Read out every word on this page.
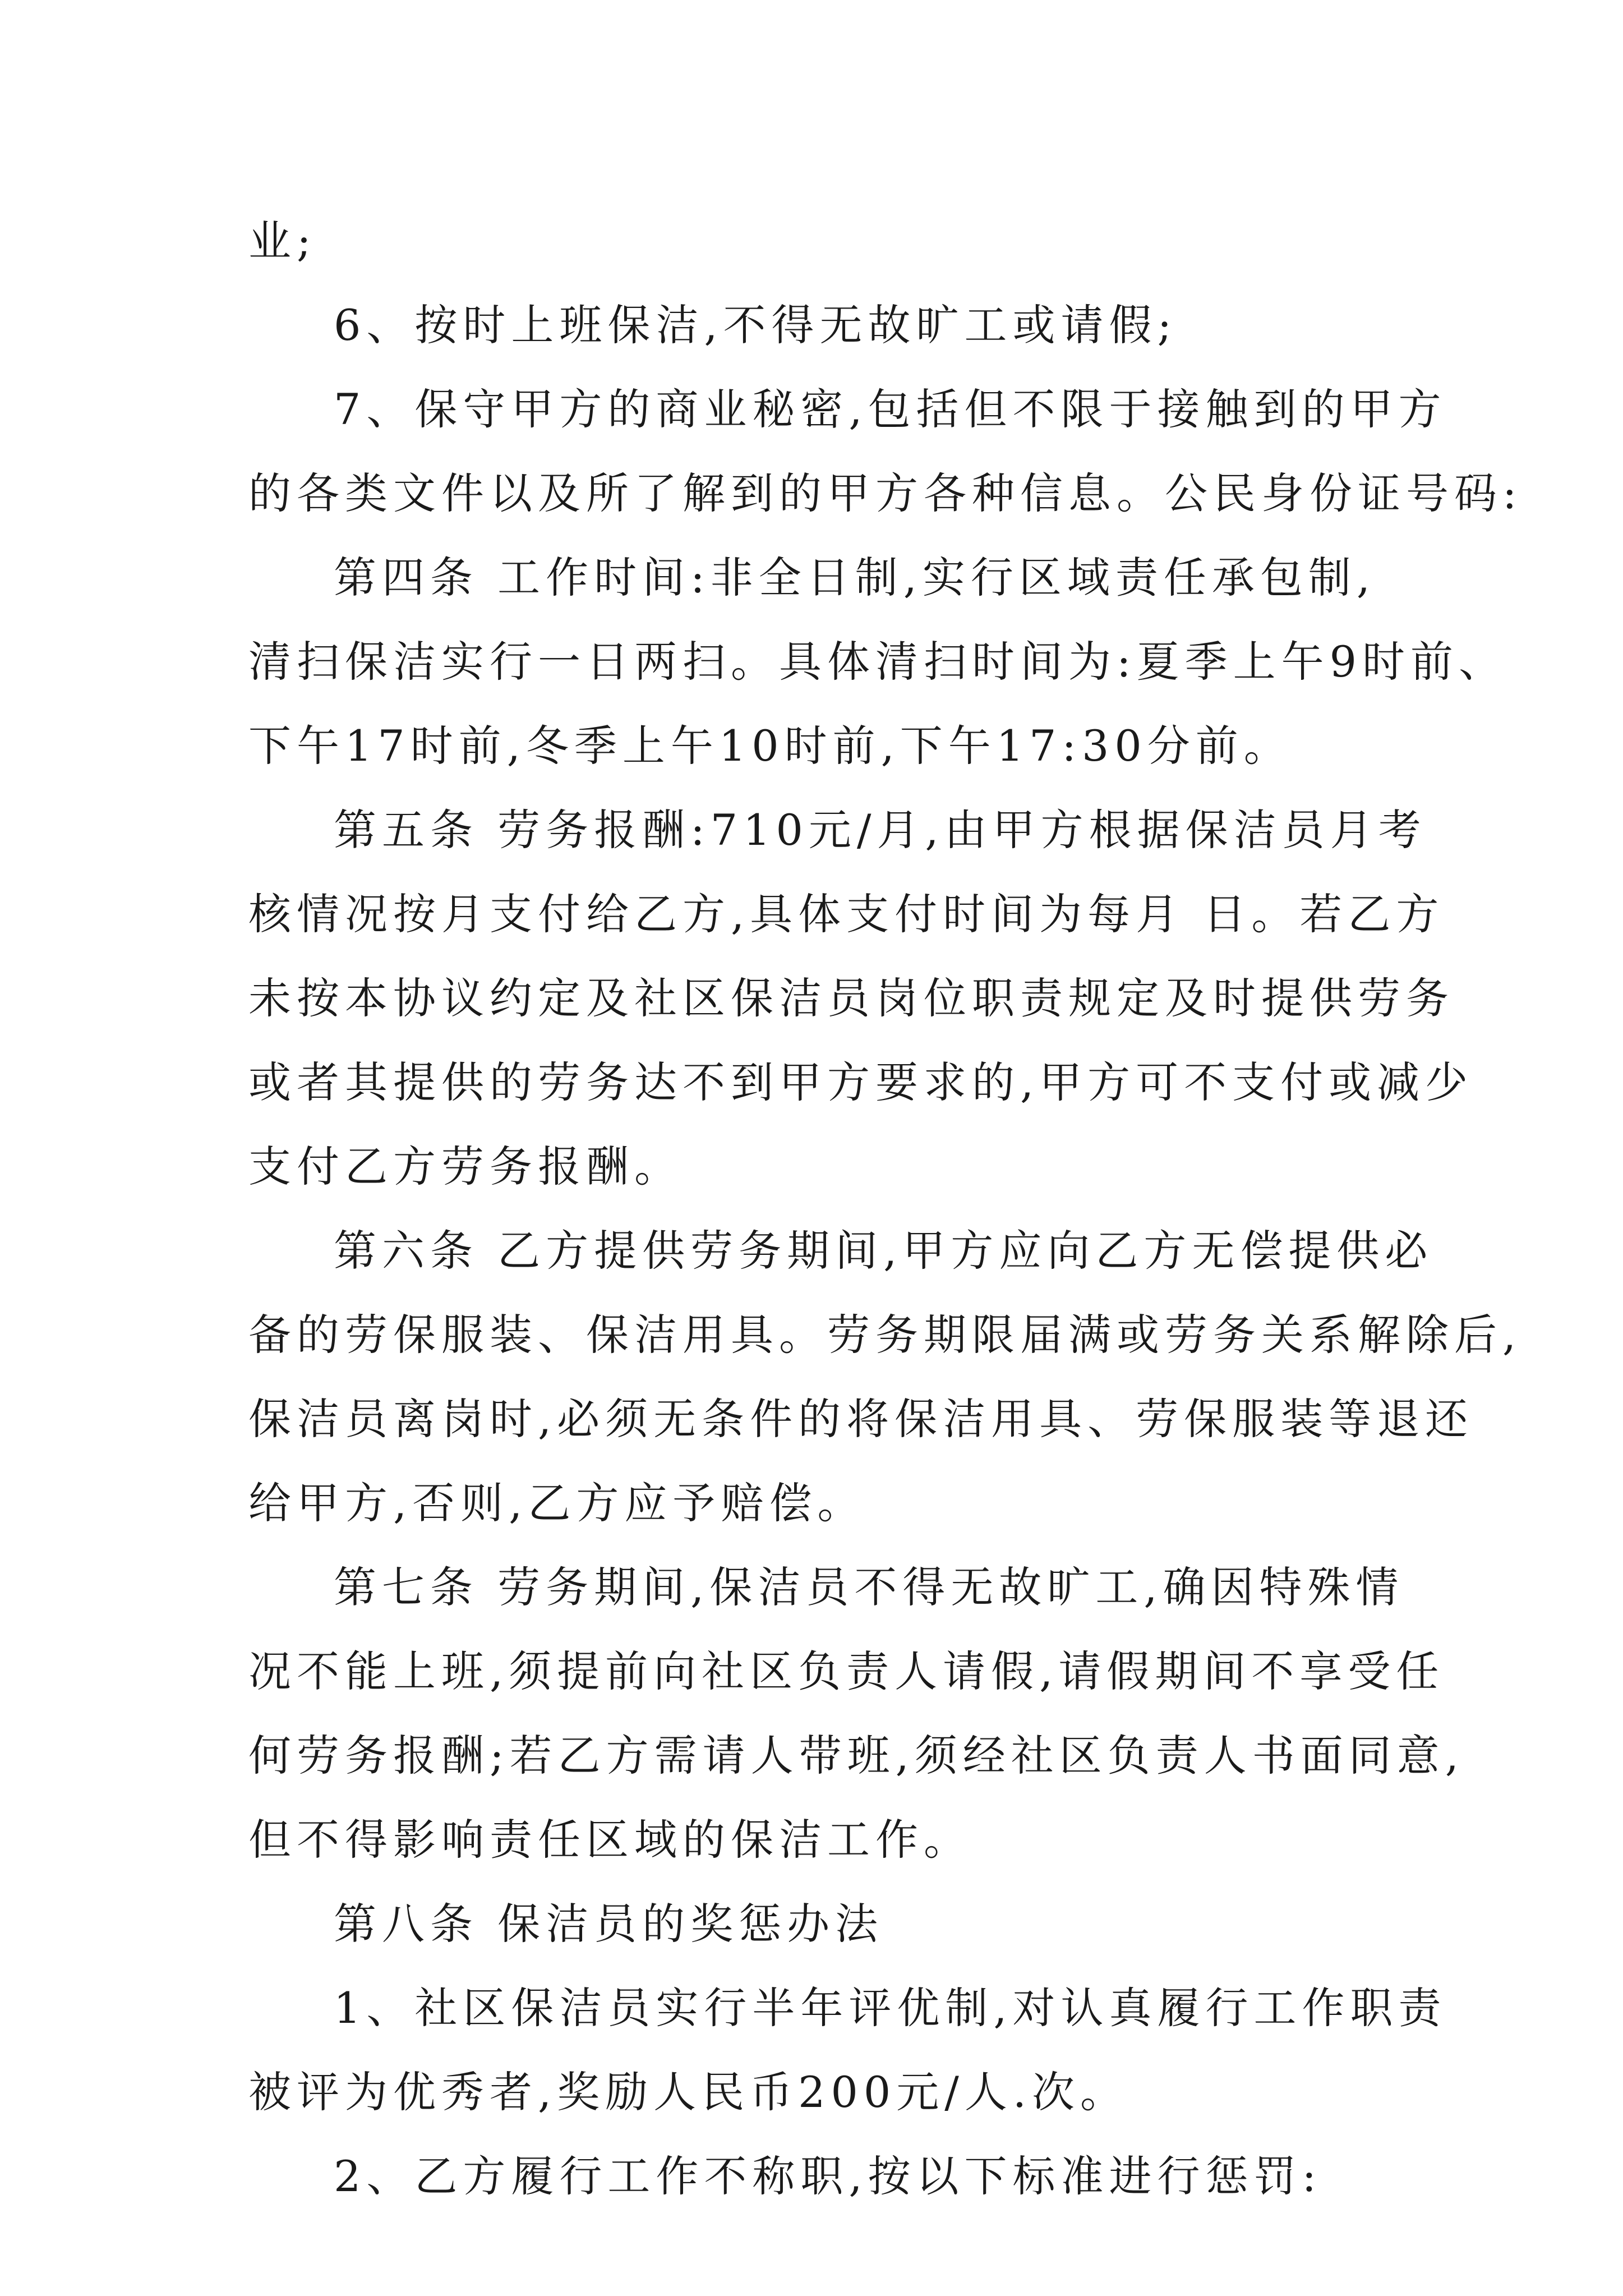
业;
6、按时上班保洁,不得无故旷工或请假;
7、保守甲方的商业秘密,包括但不限于接触到的甲方
的各类文件以及所了解到的甲方各种信息。公民身份证号码:
第四条 工作时间:非全日制,实行区域责任承包制,
清扫保洁实行一日两扫。具体清扫时间为:夏季上午9时前、
下午17时前,冬季上午10时前,下午17:30分前。
第五条 劳务报酬:710元/月,由甲方根据保洁员月考
核情况按月支付给乙方,具体支付时间为每月 日。若乙方
未按本协议约定及社区保洁员岗位职责规定及时提供劳务
或者其提供的劳务达不到甲方要求的,甲方可不支付或减少
支付乙方劳务报酬。
第六条 乙方提供劳务期间,甲方应向乙方无偿提供必
备的劳保服装、保洁用具。劳务期限届满或劳务关系解除后,
保洁员离岗时,必须无条件的将保洁用具、劳保服装等退还
给甲方,否则,乙方应予赔偿。
第七条 劳务期间,保洁员不得无故旷工,确因特殊情
况不能上班,须提前向社区负责人请假,请假期间不享受任
何劳务报酬;若乙方需请人带班,须经社区负责人书面同意,
但不得影响责任区域的保洁工作。
第八条 保洁员的奖惩办法
1、社区保洁员实行半年评优制,对认真履行工作职责
被评为优秀者,奖励人民币200元/人.次。
2、乙方履行工作不称职,按以下标准进行惩罚:
